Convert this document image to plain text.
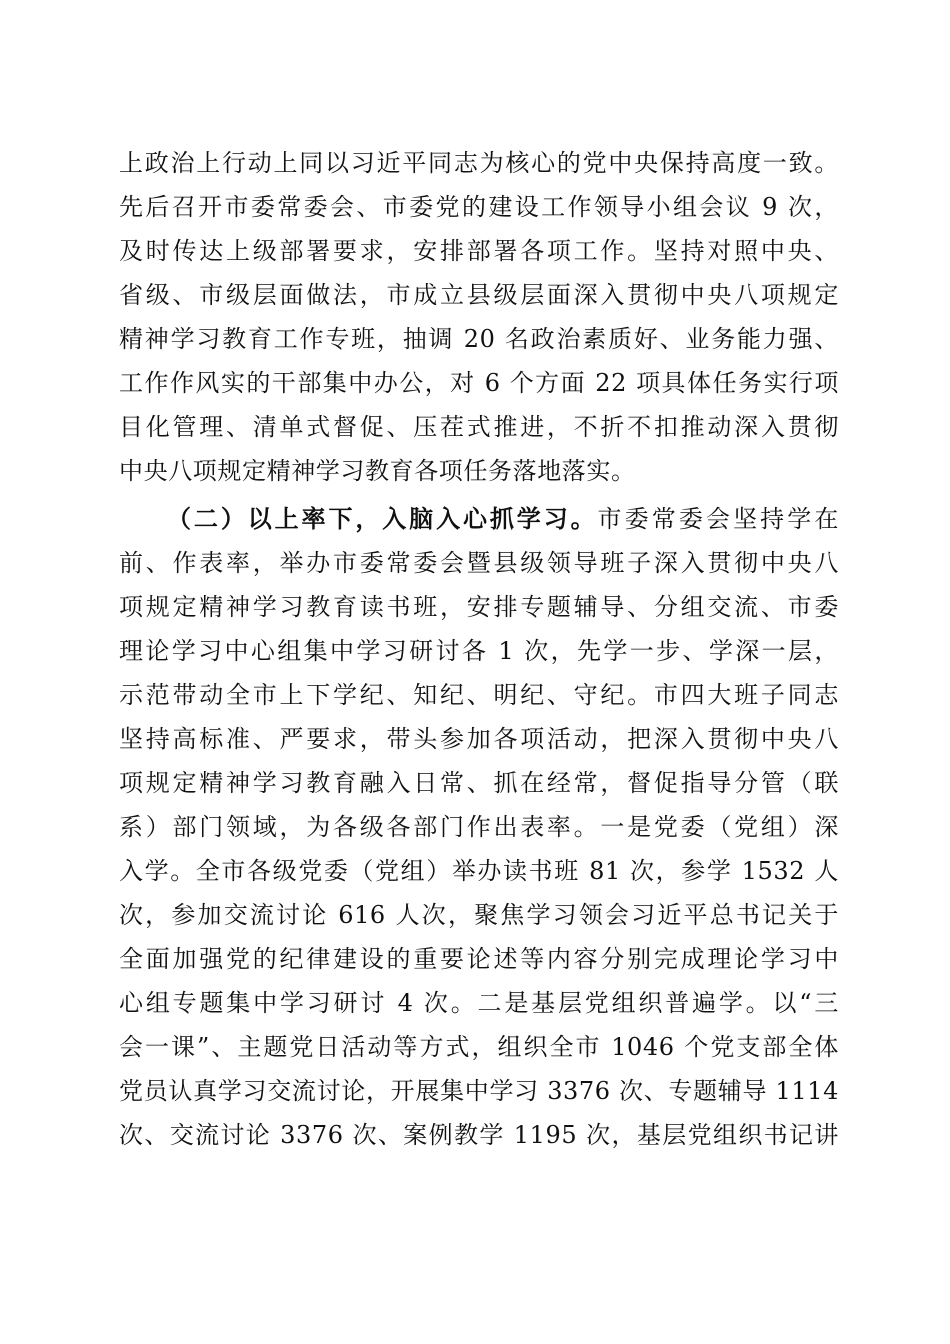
上政治上行动上同以习近平同志为核心的党中央保持高度一致。
先后召开市委常委会、市委党的建设工作领导小组会议 9 次，
及时传达上级部署要求，安排部署各项工作。坚持对照中央、
省级、市级层面做法，市成立县级层面深入贯彻中央八项规定
精神学习教育工作专班，抽调 20 名政治素质好、业务能力强、
工作作风实的干部集中办公，对 6 个方面 22 项具体任务实行项
目化管理、清单式督促、压茬式推进，不折不扣推动深入贯彻
中央八项规定精神学习教育各项任务落地落实。
（二）以上率下，入脑入心抓学习。市委常委会坚持学在
前、作表率，举办市委常委会暨县级领导班子深入贯彻中央八
项规定精神学习教育读书班，安排专题辅导、分组交流、市委
理论学习中心组集中学习研讨各 1 次，先学一步、学深一层，
示范带动全市上下学纪、知纪、明纪、守纪。市四大班子同志
坚持高标准、严要求，带头参加各项活动，把深入贯彻中央八
项规定精神学习教育融入日常、抓在经常，督促指导分管（联
系）部门领域，为各级各部门作出表率。一是党委（党组）深
入学。全市各级党委（党组）举办读书班 81 次，参学 1532 人
次，参加交流讨论 616 人次，聚焦学习领会习近平总书记关于
全面加强党的纪律建设的重要论述等内容分别完成理论学习中
心组专题集中学习研讨 4 次。二是基层党组织普遍学。以“三
会一课”、主题党日活动等方式，组织全市 1046 个党支部全体
党员认真学习交流讨论，开展集中学习 3376 次、专题辅导 1114
次、交流讨论 3376 次、案例教学 1195 次，基层党组织书记讲
